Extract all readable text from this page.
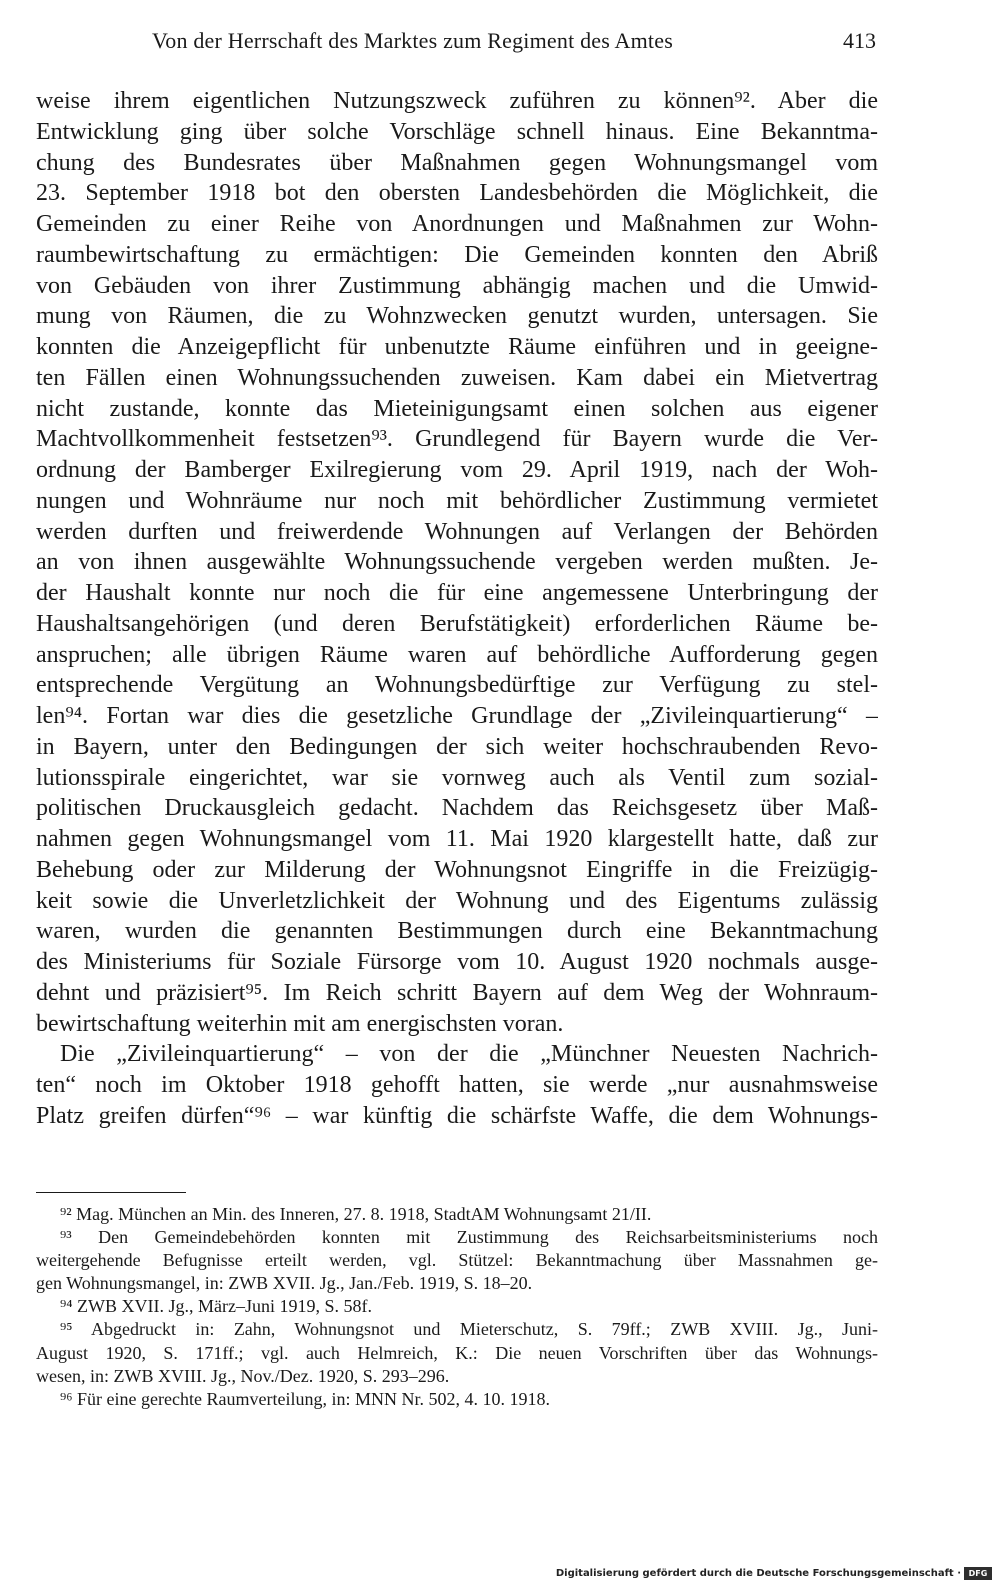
Von der Herrschaft des Marktes zum Regiment des Amtes	413
weise ihrem eigentlichen Nutzungszweck zuführen zu können⁹². Aber die
Entwicklung ging über solche Vorschläge schnell hinaus. Eine Bekanntma-
chung des Bundesrates über Maßnahmen gegen Wohnungsmangel vom
23. September 1918 bot den obersten Landesbehörden die Möglichkeit, die
Gemeinden zu einer Reihe von Anordnungen und Maßnahmen zur Wohn-
raumbewirtschaftung zu ermächtigen: Die Gemeinden konnten den Abriß
von Gebäuden von ihrer Zustimmung abhängig machen und die Umwid-
mung von Räumen, die zu Wohnzwecken genutzt wurden, untersagen. Sie
konnten die Anzeigepflicht für unbenutzte Räume einführen und in geeigne-
ten Fällen einen Wohnungssuchenden zuweisen. Kam dabei ein Mietvertrag
nicht zustande, konnte das Mieteinigungsamt einen solchen aus eigener
Machtvollkommenheit festsetzen⁹³. Grundlegend für Bayern wurde die Ver-
ordnung der Bamberger Exilregierung vom 29. April 1919, nach der Woh-
nungen und Wohnräume nur noch mit behördlicher Zustimmung vermietet
werden durften und freiwerdende Wohnungen auf Verlangen der Behörden
an von ihnen ausgewählte Wohnungssuchende vergeben werden mußten. Je-
der Haushalt konnte nur noch die für eine angemessene Unterbringung der
Haushaltsangehörigen (und deren Berufstätigkeit) erforderlichen Räume be-
anspruchen; alle übrigen Räume waren auf behördliche Aufforderung gegen
entsprechende Vergütung an Wohnungsbedürftige zur Verfügung zu stel-
len⁹⁴. Fortan war dies die gesetzliche Grundlage der „Zivileinquartierung“ –
in Bayern, unter den Bedingungen der sich weiter hochschraubenden Revo-
lutionsspirale eingerichtet, war sie vornweg auch als Ventil zum sozial-
politischen Druckausgleich gedacht. Nachdem das Reichsgesetz über Maß-
nahmen gegen Wohnungsmangel vom 11. Mai 1920 klargestellt hatte, daß zur
Behebung oder zur Milderung der Wohnungsnot Eingriffe in die Freizügig-
keit sowie die Unverletzlichkeit der Wohnung und des Eigentums zulässig
waren, wurden die genannten Bestimmungen durch eine Bekanntmachung
des Ministeriums für Soziale Fürsorge vom 10. August 1920 nochmals ausge-
dehnt und präzisiert⁹⁵. Im Reich schritt Bayern auf dem Weg der Wohnraum-
bewirtschaftung weiterhin mit am energischsten voran.
Die „Zivileinquartierung“ – von der die „Münchner Neuesten Nachrich-
ten“ noch im Oktober 1918 gehofft hatten, sie werde „nur ausnahmsweise
Platz greifen dürfen“⁹⁶ – war künftig die schärfste Waffe, die dem Wohnungs-
⁹² Mag. München an Min. des Inneren, 27. 8. 1918, StadtAM Wohnungsamt 21/II.
⁹³ Den Gemeindebehörden konnten mit Zustimmung des Reichsarbeitsministeriums noch
weitergehende Befugnisse erteilt werden, vgl. Stützel: Bekanntmachung über Massnahmen ge-
gen Wohnungsmangel, in: ZWB XVII. Jg., Jan./Feb. 1919, S. 18–20.
⁹⁴ ZWB XVII. Jg., März–Juni 1919, S. 58f.
⁹⁵ Abgedruckt in: Zahn, Wohnungsnot und Mieterschutz, S. 79ff.; ZWB XVIII. Jg., Juni-
August 1920, S. 171ff.; vgl. auch Helmreich, K.: Die neuen Vorschriften über das Wohnungs-
wesen, in: ZWB XVIII. Jg., Nov./Dez. 1920, S. 293–296.
⁹⁶ Für eine gerechte Raumverteilung, in: MNN Nr. 502, 4. 10. 1918.
Digitalisierung gefördert durch die Deutsche Forschungsgemeinschaft · DFG
